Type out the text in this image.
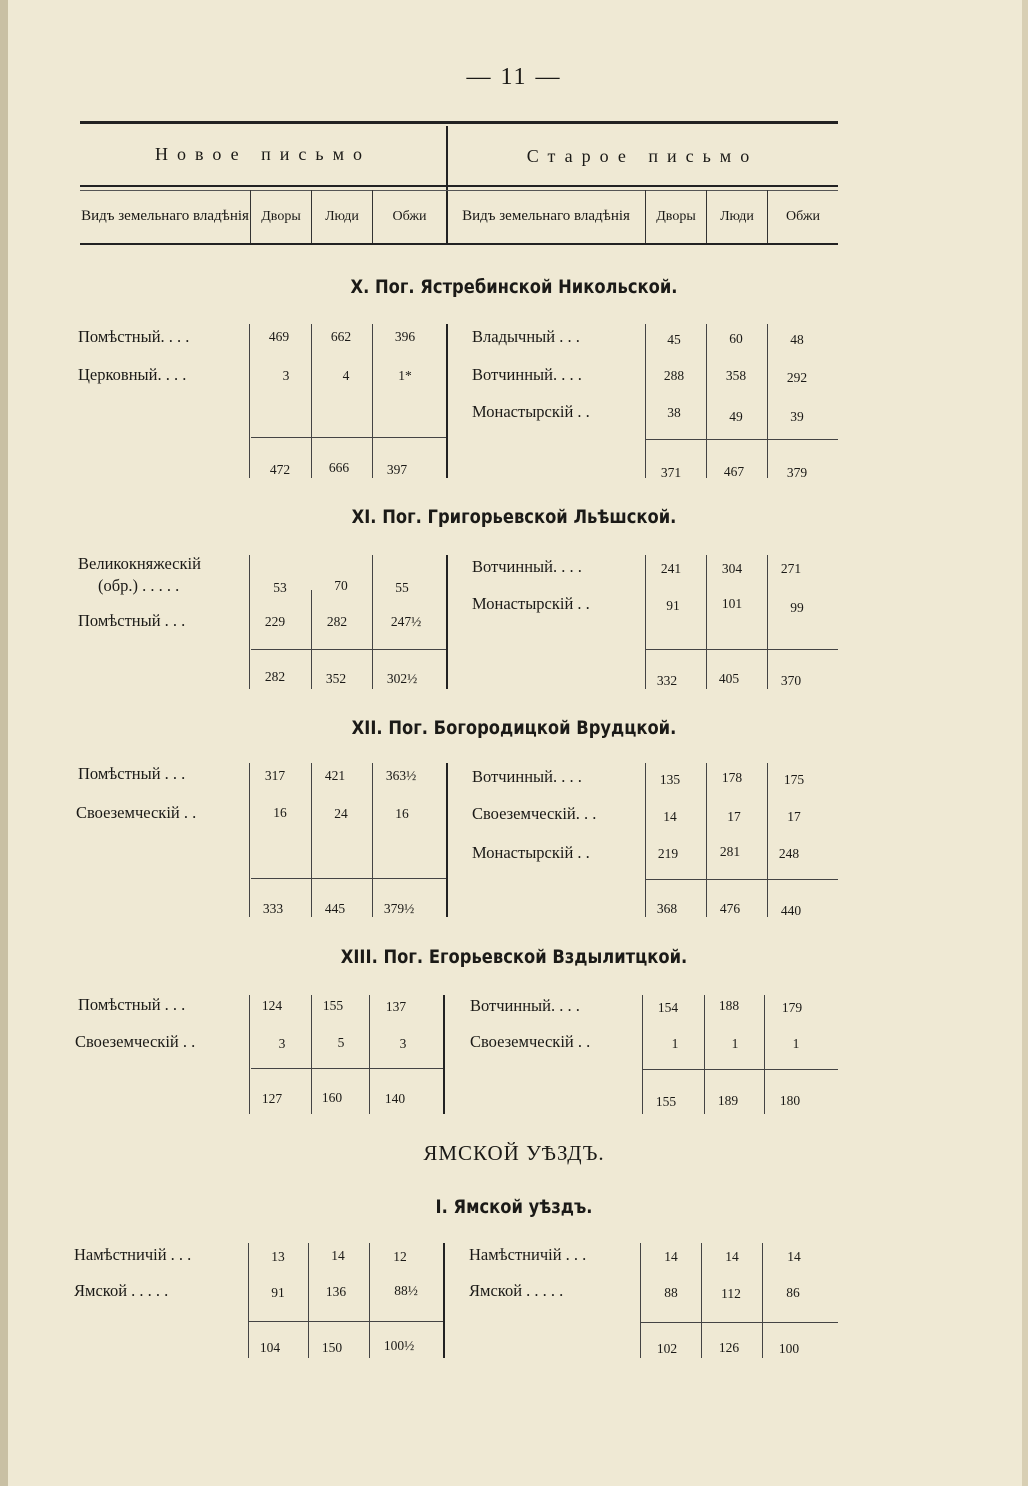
— 11 —
Новое письмо	Старое письмо
Видъ земельнаго владѣнія Дворы	Люди	Обжи	Видъ земельнаго владѣнія	Дворы	Люди	Обжи
X. Пог. Ястребинской Никольской.
Помѣстный. . . .	469	662	396
Церковный. . . .	3	4	1*
472	666	397
Владычный . . .	45	60	48
Вотчинный. . . .	288	358	292
Монастырскій . .	38	49	39
371	467	379
XI. Пог. Григорьевской Льѣшской.
Великокняжескій
(обр.) . . . . .	53	70	55
Помѣстный . . .	229	282	247½
282	352	302½
Вотчинный. . . .	241	304	271
Монастырскій . .	91	101	99
332	405	370
XII. Пог. Богородицкой Врудцкой.
Помѣстный . . .	317	421	363½
Своеземческій . .	16	24	16
333	445	379½
Вотчинный. . . .	135	178	175
Своеземческій. . .	14	17	17
Монастырскій . .	219	281	248
368	476	440
XIII. Пог. Егорьевской Вздылитцкой.
Помѣстный . . .	124	155	137
Своеземческій . .	3	5	3
127	160	140
Вотчинный. . . .	154	188	179
Своеземческій . .	1	1	1
155	189	180
ЯМСКОЙ УѢЗДЪ.
I. Ямской уѣздъ.
Намѣстничій . . .	13	14	12
Ямской . . . . .	91	136	88½
104	150	100½
Намѣстничій . . .	14	14	14
Ямской . . . . .	88	112	86
102	126	100
